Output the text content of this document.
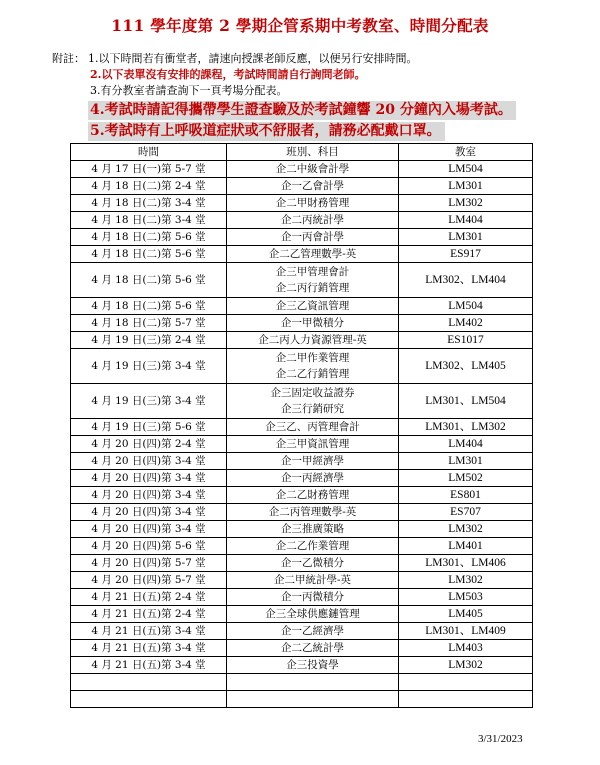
111 學年度第 2 學期企管系期中考教室、時間分配表
附註： 1.以下時間若有衝堂者，請速向授課老師反應，以便另行安排時間。
2.以下表單沒有安排的課程，考試時間請自行詢問老師。
3.有分教室者請查詢下一頁考場分配表。
4.考試時請記得攜帶學生證查驗及於考試鐘響 20 分鐘內入場考試。
5.考試時有上呼吸道症狀或不舒服者，請務必配戴口罩。
時間	班別、科目	教室
4 月 17 日(一)第 5-7 堂	企二中級會計學	LM504
4 月 18 日(二)第 2-4 堂	企一乙會計學	LM301
4 月 18 日(二)第 3-4 堂	企二甲財務管理	LM302
4 月 18 日(二)第 3-4 堂	企二丙統計學	LM404
4 月 18 日(二)第 5-6 堂	企一丙會計學	LM301
4 月 18 日(二)第 5-6 堂	企二乙管理數學-英	ES917
4 月 18 日(二)第 5-6 堂	企三甲管理會計
企二丙行銷管理	LM302、LM404
4 月 18 日(二)第 5-6 堂	企三乙資訊管理	LM504
4 月 18 日(二)第 5-7 堂	企一甲微積分	LM402
4 月 19 日(三)第 2-4 堂	企二丙人力資源管理-英	ES1017
4 月 19 日(三)第 3-4 堂	企二甲作業管理
企二乙行銷管理	LM302、LM405
4 月 19 日(三)第 3-4 堂	企三固定收益證券
企三行銷研究	LM301、LM504
4 月 19 日(三)第 5-6 堂	企三乙、丙管理會計	LM301、LM302
4 月 20 日(四)第 2-4 堂	企三甲資訊管理	LM404
4 月 20 日(四)第 3-4 堂	企一甲經濟學	LM301
4 月 20 日(四)第 3-4 堂	企一丙經濟學	LM502
4 月 20 日(四)第 3-4 堂	企二乙財務管理	ES801
4 月 20 日(四)第 3-4 堂	企二丙管理數學-英	ES707
4 月 20 日(四)第 3-4 堂	企三推廣策略	LM302
4 月 20 日(四)第 5-6 堂	企二乙作業管理	LM401
4 月 20 日(四)第 5-7 堂	企一乙微積分	LM301、LM406
4 月 20 日(四)第 5-7 堂	企二甲統計學-英	LM302
4 月 21 日(五)第 2-4 堂	企一丙微積分	LM503
4 月 21 日(五)第 2-4 堂	企三全球供應鏈管理	LM405
4 月 21 日(五)第 3-4 堂	企一乙經濟學	LM301、LM409
4 月 21 日(五)第 3-4 堂	企二乙統計學	LM403
4 月 21 日(五)第 3-4 堂	企三投資學	LM302

3/31/2023
